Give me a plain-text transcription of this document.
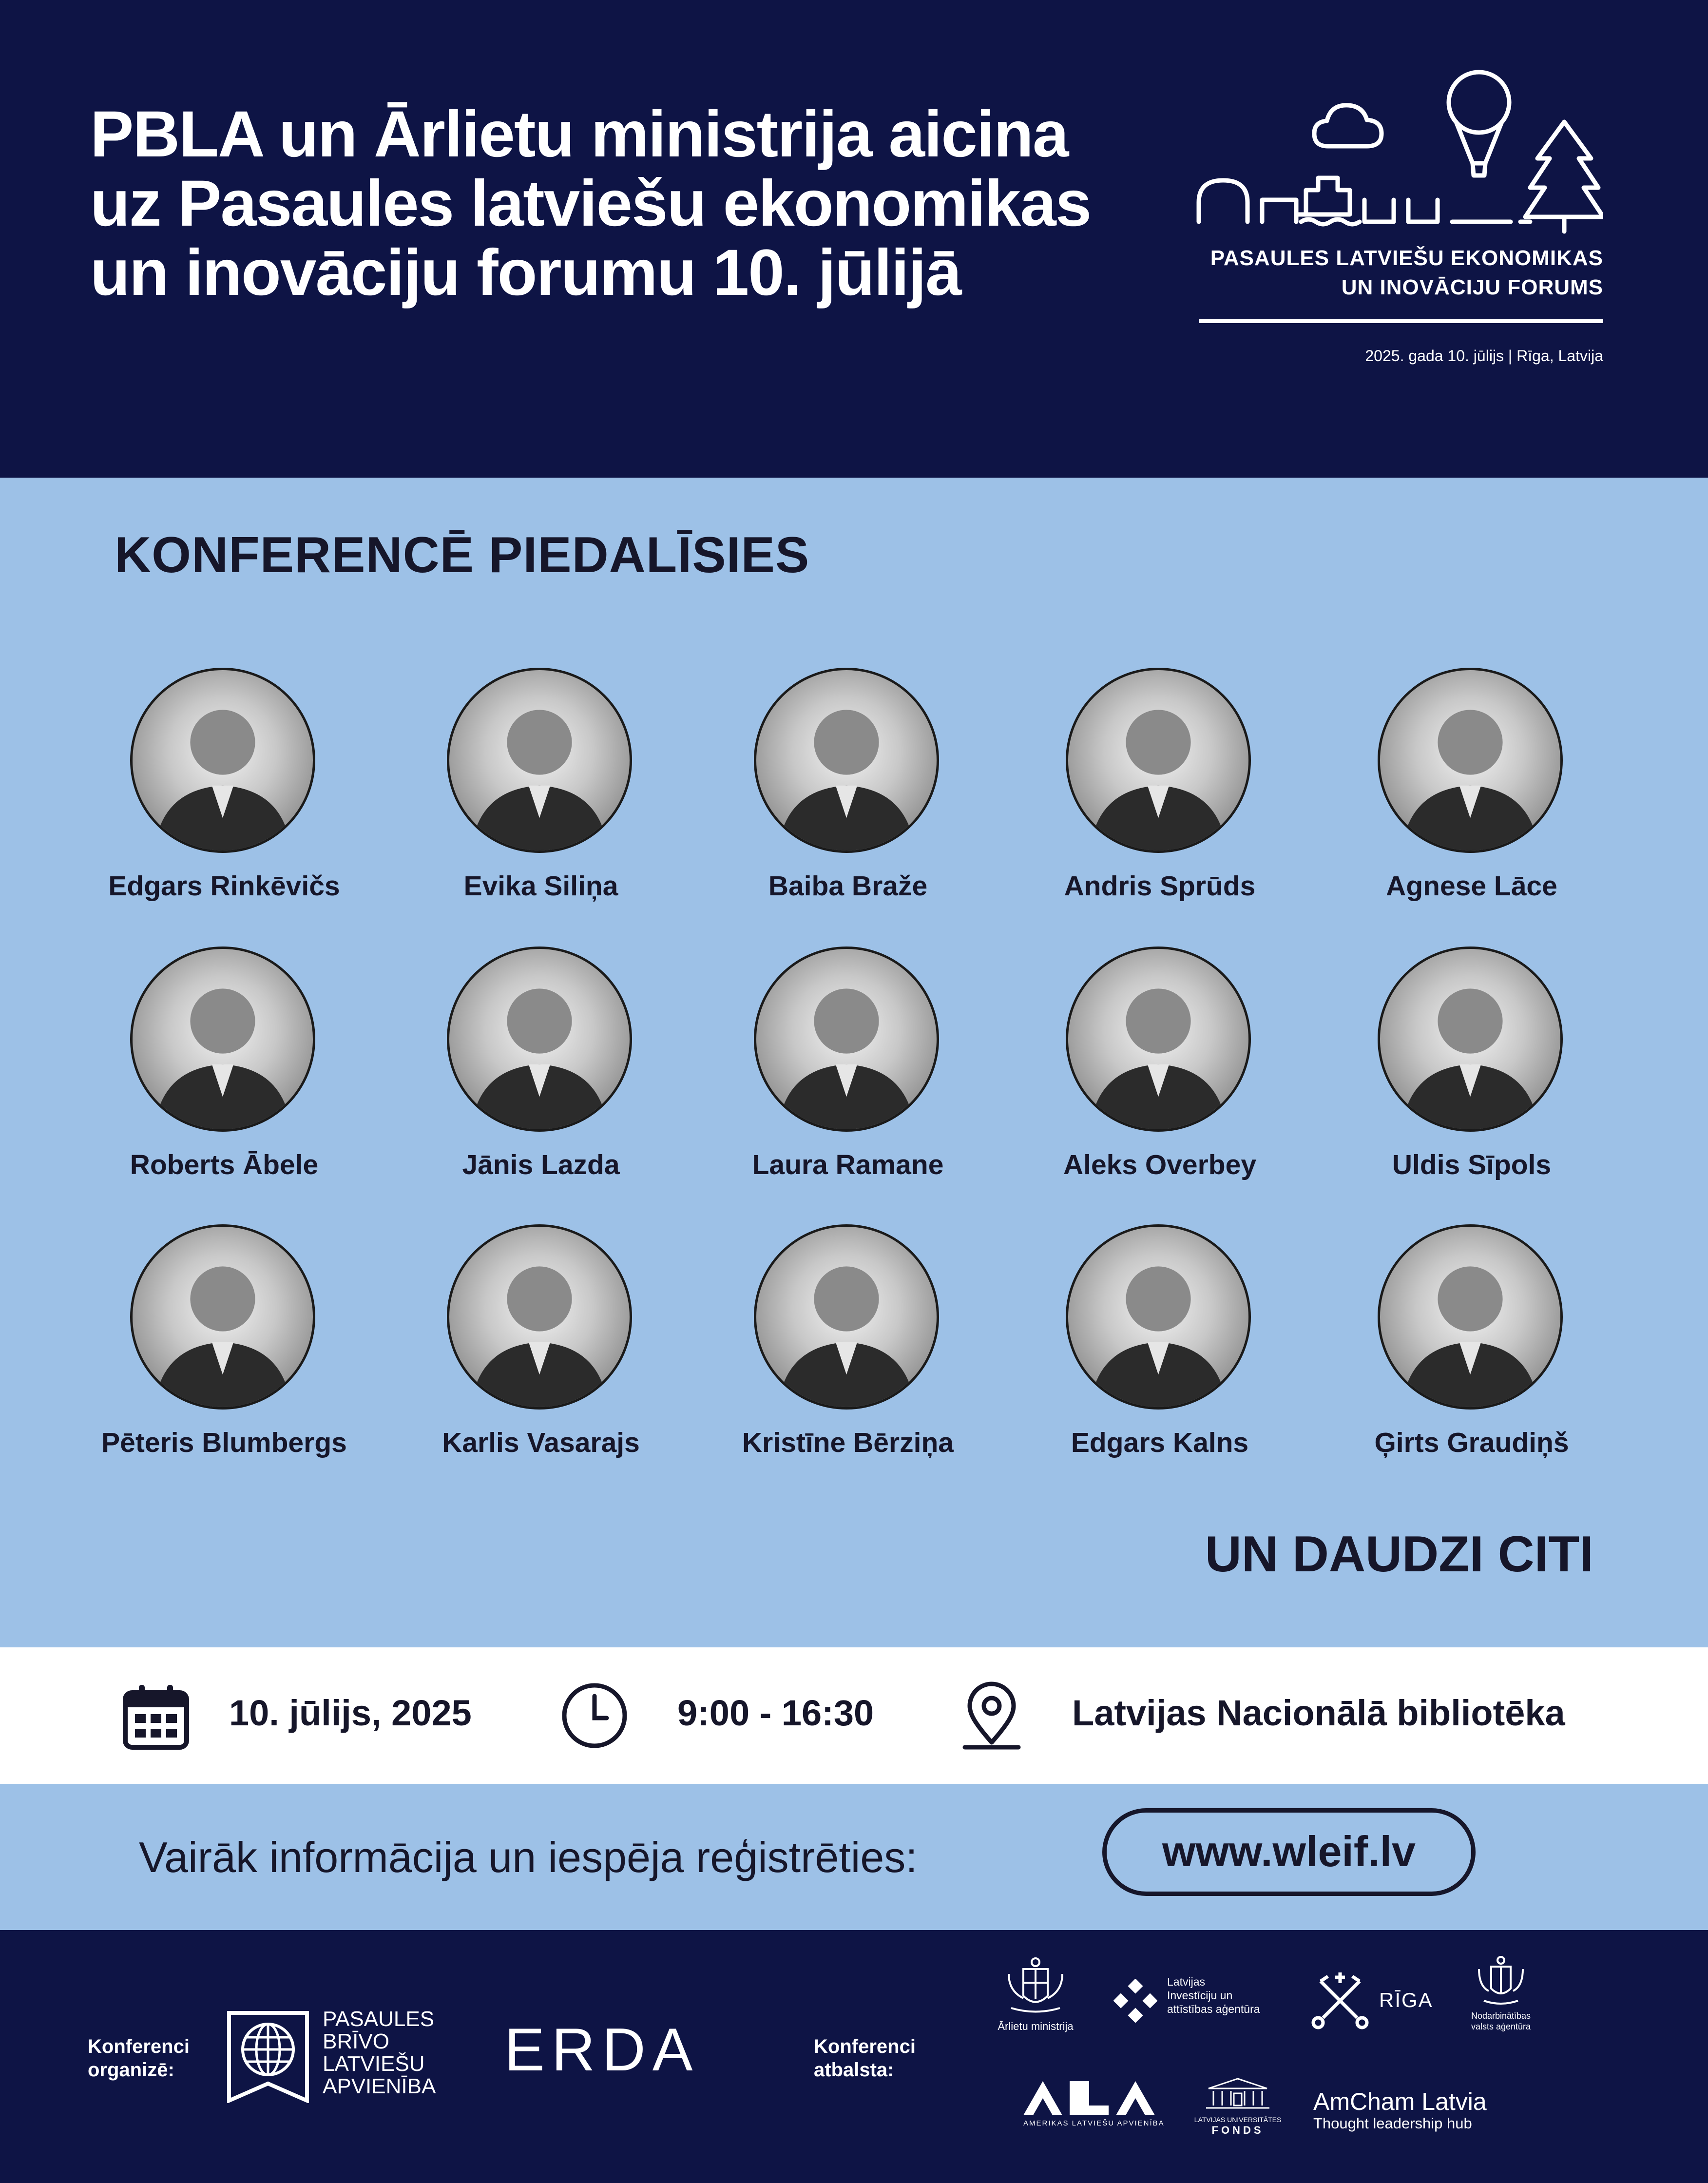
PBLA un Ārlietu ministrija aicina
uz Pasaules latviešu ekonomikas
un inovāciju forumu 10. jūlijā	PASAULES LATVIEŠU EKONOMIKAS
UN INOVĀCIJU FORUMS
2025. gada 10. jūlijs | Rīga, Latvija
KONFERENCĒ PIEDALĪSIES
Edgars Rinkēvičs	Evika Siliņa	Baiba Braže	Andris Sprūds	Agnese Lāce
Roberts Ābele	Jānis Lazda	Laura Ramane	Aleks Overbey	Uldis Sīpols
Pēteris Blumbergs	Karlis Vasarajs	Kristīne Bērziņa	Edgars Kalns	Ģirts Graudiņš
UN DAUDZI CITI
10. jūlijs, 2025	9:00 - 16:30	Latvijas Nacionālā bibliotēka
Vairāk informācija un iespēja reģistrēties:	www.wleif.lv
Konferenci
organizē:
PASAULES
BRĪVO
LATVIEŠU
APVIENĪBA
ERDA	Konferenci
atbalsta:
Ārlietu ministrija
Latvijas
Investīciju un
attīstības aģentūra	RĪGA
Nodarbinātības
valsts aģentūra
AMERIKAS LATVIEŠU APVIENĪBA	LATVIJAS UNIVERSITĀTES
FONDS
AmCham Latvia
Thought leadership hub
